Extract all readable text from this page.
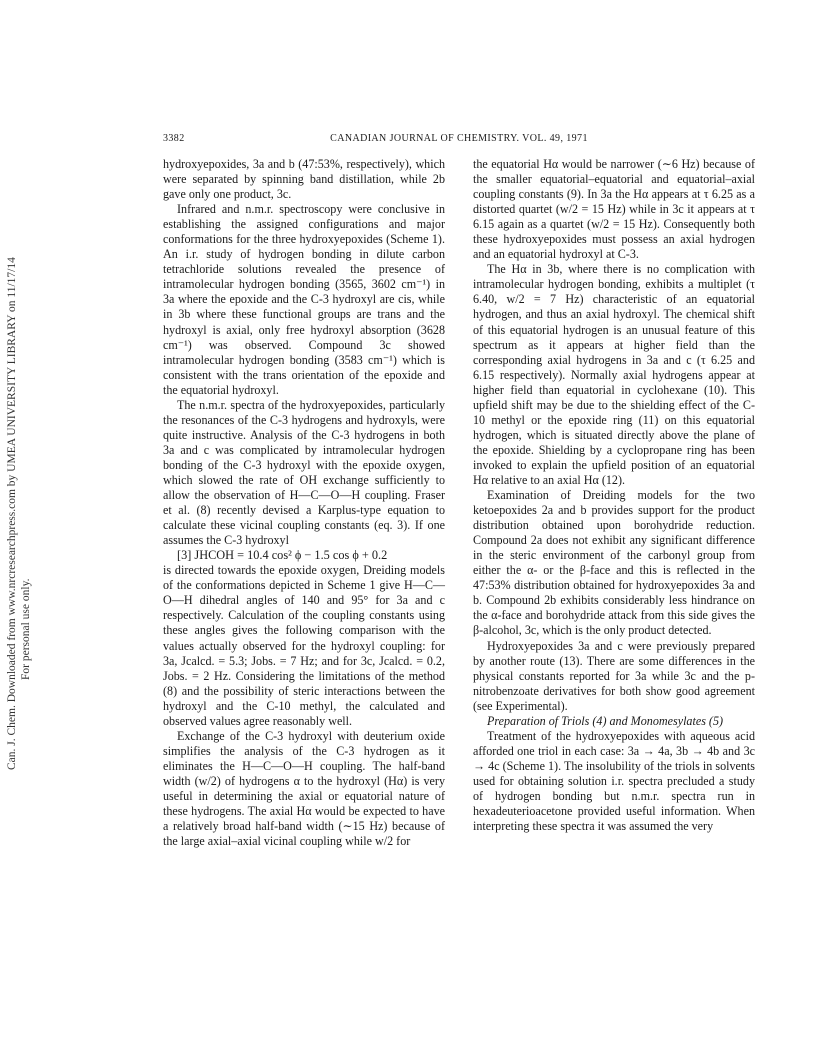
Can. J. Chem. Downloaded from www.nrcresearchpress.com by UMEA UNIVERSITY LIBRARY on 11/17/14 For personal use only.
3382	CANADIAN JOURNAL OF CHEMISTRY. VOL. 49, 1971

hydroxyepoxides, 3a and b (47:53%, respectively), which were separated by spinning band distillation, while 2b gave only one product, 3c.

Infrared and n.m.r. spectroscopy were conclusive in establishing the assigned configurations and major conformations for the three hydroxyepoxides (Scheme 1). An i.r. study of hydrogen bonding in dilute carbon tetrachloride solutions revealed the presence of intramolecular hydrogen bonding (3565, 3602 cm⁻¹) in 3a where the epoxide and the C-3 hydroxyl are cis, while in 3b where these functional groups are trans and the hydroxyl is axial, only free hydroxyl absorption (3628 cm⁻¹) was observed. Compound 3c showed intramolecular hydrogen bonding (3583 cm⁻¹) which is consistent with the trans orientation of the epoxide and the equatorial hydroxyl.

The n.m.r. spectra of the hydroxyepoxides, particularly the resonances of the C-3 hydrogens and hydroxyls, were quite instructive. Analysis of the C-3 hydrogens in both 3a and c was complicated by intramolecular hydrogen bonding of the C-3 hydroxyl with the epoxide oxygen, which slowed the rate of OH exchange sufficiently to allow the observation of H—C—O—H coupling. Fraser et al. (8) recently devised a Karplus-type equation to calculate these vicinal coupling constants (eq. 3). If one assumes the C-3 hydroxyl

[3] JHCOH = 10.4 cos² ϕ − 1.5 cos ϕ + 0.2

is directed towards the epoxide oxygen, Dreiding models of the conformations depicted in Scheme 1 give H—C—O—H dihedral angles of 140 and 95° for 3a and c respectively. Calculation of the coupling constants using these angles gives the following comparison with the values actually observed for the hydroxyl coupling: for 3a, Jcalcd. = 5.3; Jobs. = 7 Hz; and for 3c, Jcalcd. = 0.2, Jobs. = 2 Hz. Considering the limitations of the method (8) and the possibility of steric interactions between the hydroxyl and the C-10 methyl, the calculated and observed values agree reasonably well.

Exchange of the C-3 hydroxyl with deuterium oxide simplifies the analysis of the C-3 hydrogen as it eliminates the H—C—O—H coupling. The half-band width (w/2) of hydrogens α to the hydroxyl (Hα) is very useful in determining the axial or equatorial nature of these hydrogens. The axial Hα would be expected to have a relatively broad half-band width (∼15 Hz) because of the large axial–axial vicinal coupling while w/2 for

the equatorial Hα would be narrower (∼6 Hz) because of the smaller equatorial–equatorial and equatorial–axial coupling constants (9). In 3a the Hα appears at τ 6.25 as a distorted quartet (w/2 = 15 Hz) while in 3c it appears at τ 6.15 again as a quartet (w/2 = 15 Hz). Consequently both these hydroxyepoxides must possess an axial hydrogen and an equatorial hydroxyl at C-3.

The Hα in 3b, where there is no complication with intramolecular hydrogen bonding, exhibits a multiplet (τ 6.40, w/2 = 7 Hz) characteristic of an equatorial hydrogen, and thus an axial hydroxyl. The chemical shift of this equatorial hydrogen is an unusual feature of this spectrum as it appears at higher field than the corresponding axial hydrogens in 3a and c (τ 6.25 and 6.15 respectively). Normally axial hydrogens appear at higher field than equatorial in cyclohexane (10). This upfield shift may be due to the shielding effect of the C-10 methyl or the epoxide ring (11) on this equatorial hydrogen, which is situated directly above the plane of the epoxide. Shielding by a cyclopropane ring has been invoked to explain the upfield position of an equatorial Hα relative to an axial Hα (12).

Examination of Dreiding models for the two ketoepoxides 2a and b provides support for the product distribution obtained upon borohydride reduction. Compound 2a does not exhibit any significant difference in the steric environment of the carbonyl group from either the α- or the β-face and this is reflected in the 47:53% distribution obtained for hydroxyepoxides 3a and b. Compound 2b exhibits considerably less hindrance on the α-face and borohydride attack from this side gives the β-alcohol, 3c, which is the only product detected.

Hydroxyepoxides 3a and c were previously prepared by another route (13). There are some differences in the physical constants reported for 3a while 3c and the p-nitrobenzoate derivatives for both show good agreement (see Experimental).

Preparation of Triols (4) and Monomesylates (5)

Treatment of the hydroxyepoxides with aqueous acid afforded one triol in each case: 3a → 4a, 3b → 4b and 3c → 4c (Scheme 1). The insolubility of the triols in solvents used for obtaining solution i.r. spectra precluded a study of hydrogen bonding but n.m.r. spectra run in hexadeuterioacetone provided useful information. When interpreting these spectra it was assumed the very
